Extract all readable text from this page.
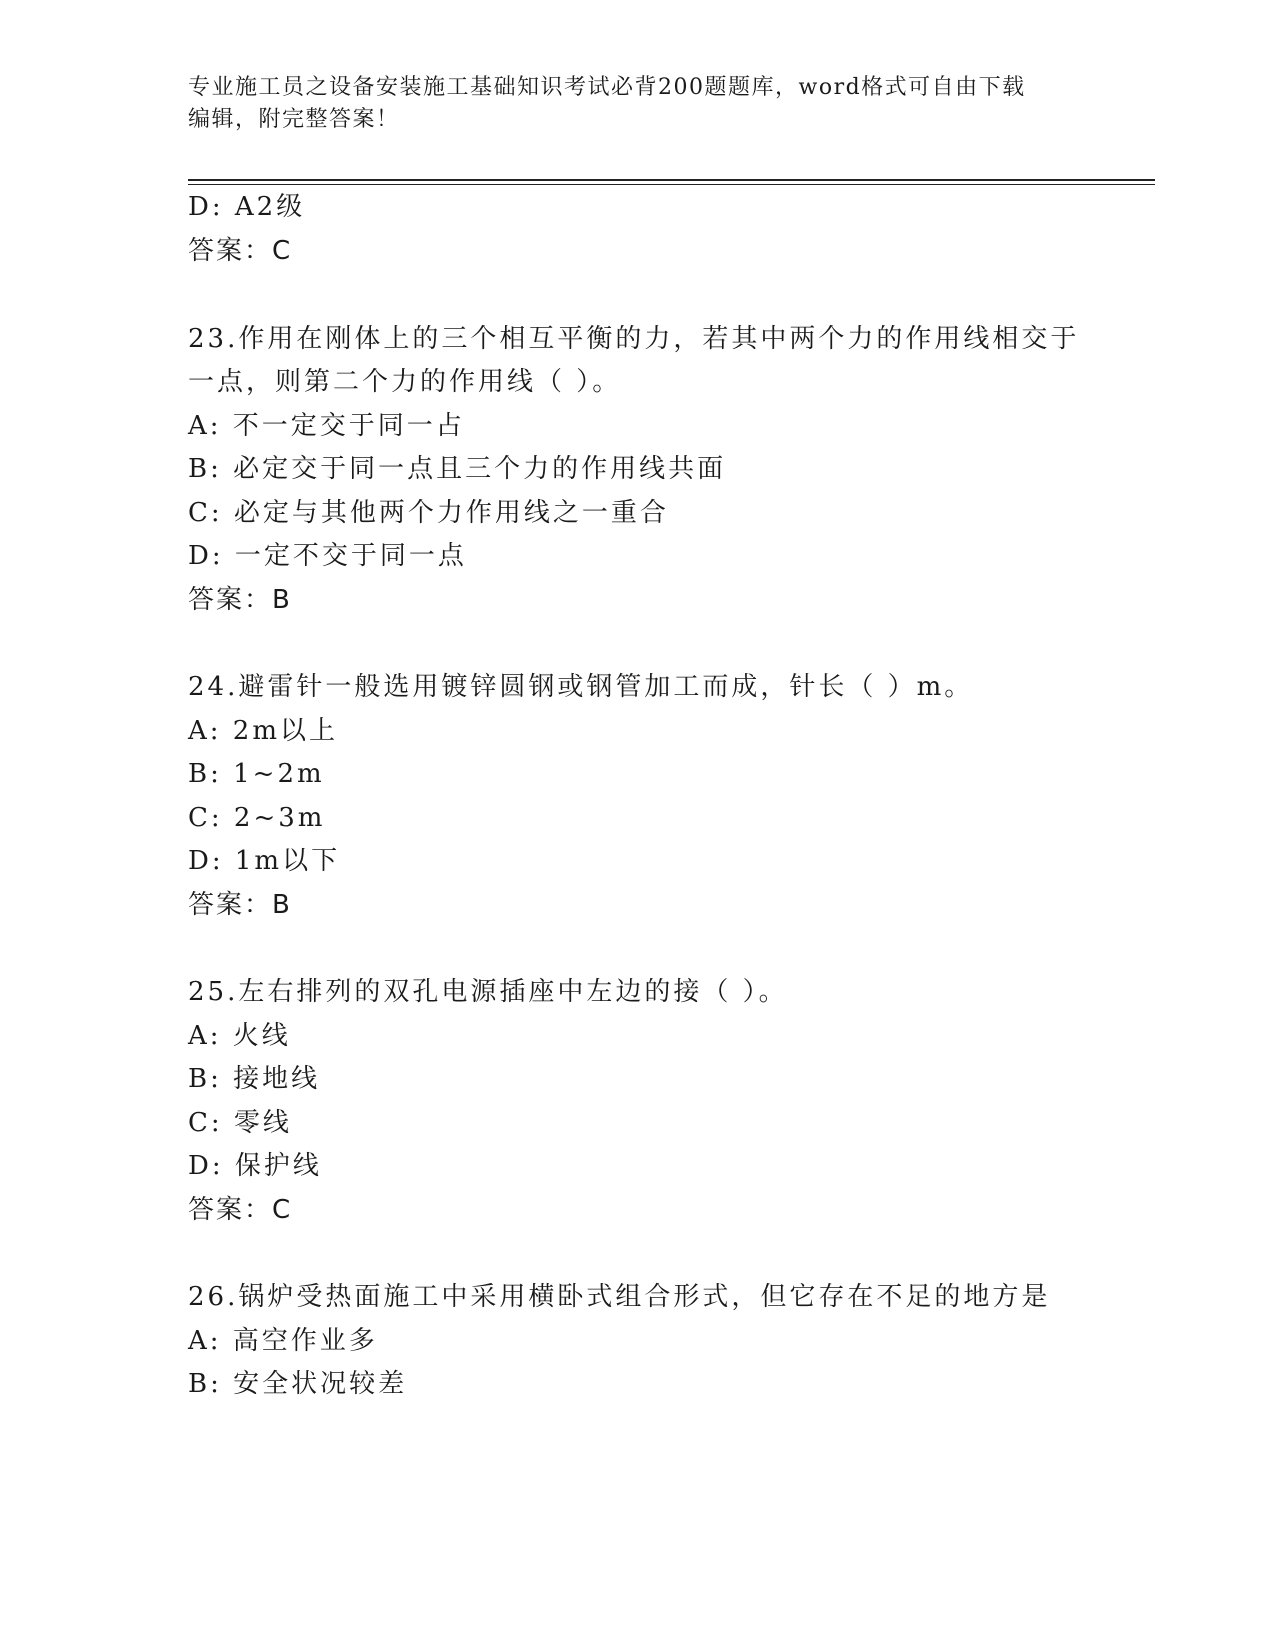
专业施工员之设备安装施工基础知识考试必背200题题库，word格式可自由下载
编辑，附完整答案！
D: A2级
答案：C
23.作用在刚体上的三个相互平衡的力，若其中两个力的作用线相交于
一点，则第二个力的作用线（ ）。
A: 不一定交于同一占
B: 必定交于同一点且三个力的作用线共面
C: 必定与其他两个力作用线之一重合
D: 一定不交于同一点
答案：B
24.避雷针一般选用镀锌圆钢或钢管加工而成，针长（ ）m。
A: 2m以上
B: 1~2m
C: 2~3m
D: 1m以下
答案：B
25.左右排列的双孔电源插座中左边的接（ ）。
A: 火线
B: 接地线
C: 零线
D: 保护线
答案：C
26.锅炉受热面施工中采用横卧式组合形式，但它存在不足的地方是
A: 高空作业多
B: 安全状况较差
